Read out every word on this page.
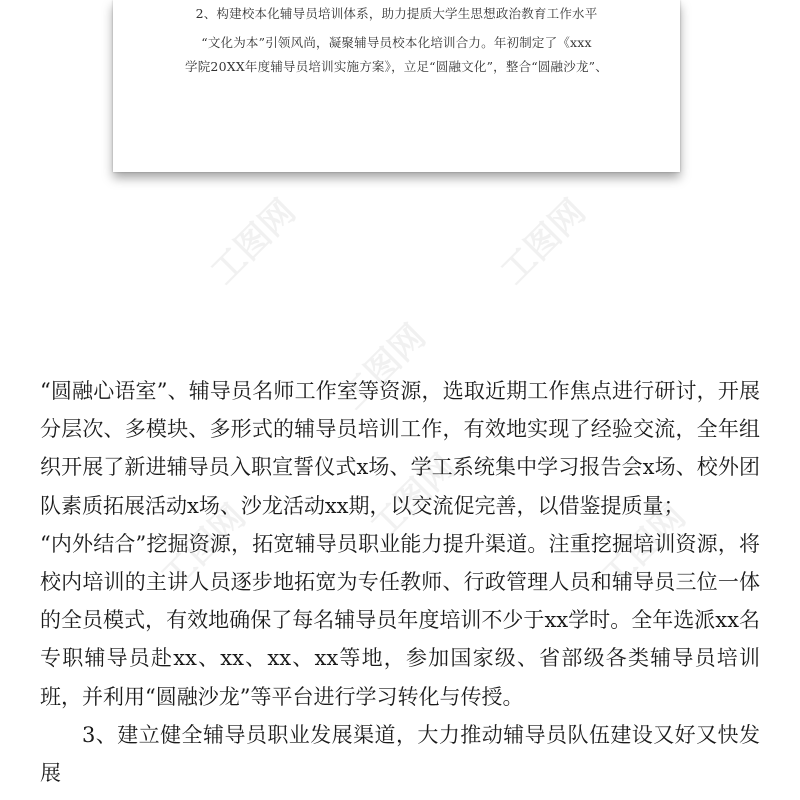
2、构建校本化辅导员培训体系，助力提质大学生思想政治教育工作水平
“文化为本”引领风尚，凝聚辅导员校本化培训合力。年初制定了《xxx
学院20XX年度辅导员培训实施方案》，立足“圆融文化”，整合“圆融沙龙”、
工图网	工图网
工图网
工图网	工图网
工图网

“圆融心语室”、辅导员名师工作室等资源，选取近期工作焦点进行研讨，开展分层次、多模块、多形式的辅导员培训工作，有效地实现了经验交流，全年组织开展了新进辅导员入职宣誓仪式x场、学工系统集中学习报告会x场、校外团队素质拓展活动x场、沙龙活动xx期，以交流促完善，以借鉴提质量；

“内外结合”挖掘资源，拓宽辅导员职业能力提升渠道。注重挖掘培训资源，将校内培训的主讲人员逐步地拓宽为专任教师、行政管理人员和辅导员三位一体的全员模式，有效地确保了每名辅导员年度培训不少于xx学时。全年选派xx名专职辅导员赴xx、xx、xx、xx等地，参加国家级、省部级各类辅导员培训班，并利用“圆融沙龙”等平台进行学习转化与传授。

3、建立健全辅导员职业发展渠道，大力推动辅导员队伍建设又好又快发展
